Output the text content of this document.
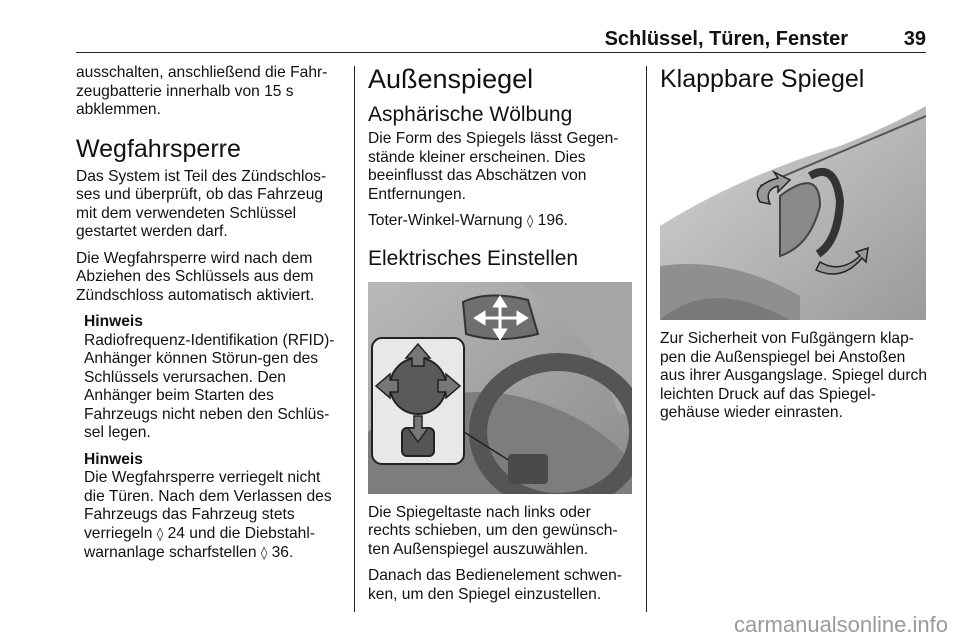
Schlüssel, Türen, Fenster	39

ausschalten, anschließend die Fahr-zeugbatterie innerhalb von 15 s abklemmen.

Wegfahrsperre

Das System ist Teil des Zündschlos-ses und überprüft, ob das Fahrzeug mit dem verwendeten Schlüssel gestartet werden darf.

Die Wegfahrsperre wird nach dem Abziehen des Schlüssels aus dem Zündschloss automatisch aktiviert.

Hinweis

Radiofrequenz-Identifikation (RFID)-Anhänger können Störun-gen des Schlüssels verursachen. Den Anhänger beim Starten des Fahrzeugs nicht neben den Schlüs-sel legen.

Hinweis

Die Wegfahrsperre verriegelt nicht die Türen. Nach dem Verlassen des Fahrzeugs das Fahrzeug stets verriegeln ◊ 24 und die Diebstahl-warnanlage scharfstellen ◊ 36.

Außenspiegel
Asphärische Wölbung

Die Form des Spiegels lässt Gegen-stände kleiner erscheinen. Dies beeinflusst das Abschätzen von Entfernungen.

Toter-Winkel-Warnung ◊ 196.

Elektrisches Einstellen

Die Spiegeltaste nach links oder rechts schieben, um den gewünsch-ten Außenspiegel auszuwählen.

Danach das Bedienelement schwen-ken, um den Spiegel einzustellen.

Klappbare Spiegel

Zur Sicherheit von Fußgängern klap-pen die Außenspiegel bei Anstoßen aus ihrer Ausgangslage. Spiegel durch leichten Druck auf das Spiegel-gehäuse wieder einrasten.

carmanualsonline.info
